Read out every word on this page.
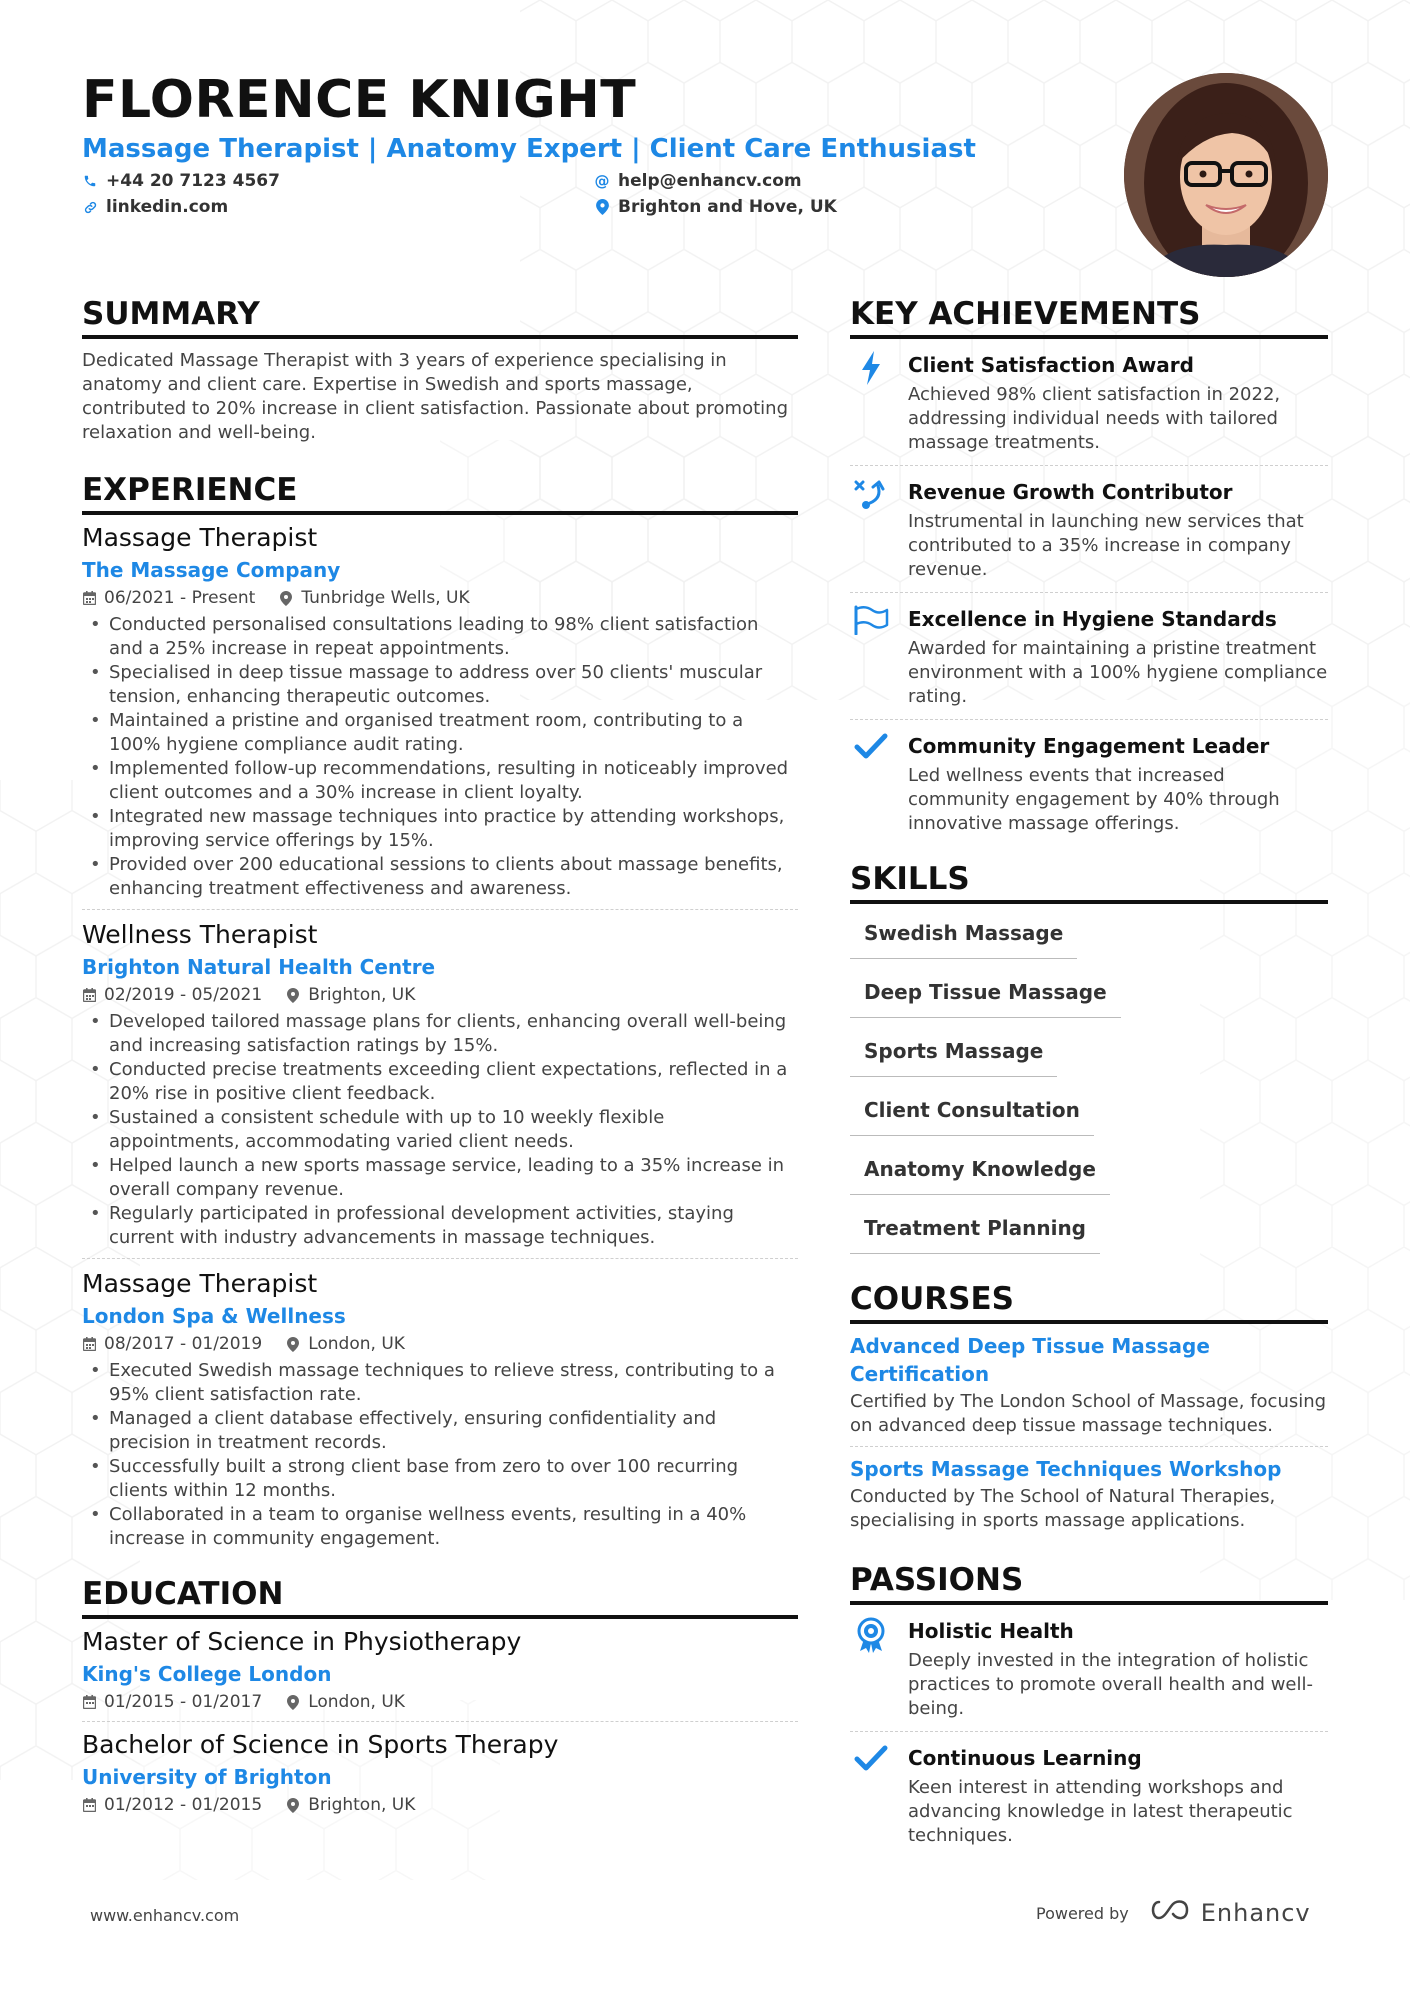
FLORENCE KNIGHT
Massage Therapist | Anatomy Expert | Client Care Enthusiast
+44 20 7123 4567	@ help@enhancv.com
linkedin.com	Brighton and Hove, UK
SUMMARY
Dedicated Massage Therapist with 3 years of experience specialising in anatomy and client care. Expertise in Swedish and sports massage, contributed to 20% increase in client satisfaction. Passionate about promoting relaxation and well-being.
EXPERIENCE
Massage Therapist
The Massage Company
06/2021 - Present	Tunbridge Wells, UK
• Conducted personalised consultations leading to 98% client satisfaction and a 25% increase in repeat appointments.
• Specialised in deep tissue massage to address over 50 clients' muscular tension, enhancing therapeutic outcomes.
• Maintained a pristine and organised treatment room, contributing to a 100% hygiene compliance audit rating.
• Implemented follow-up recommendations, resulting in noticeably improved client outcomes and a 30% increase in client loyalty.
• Integrated new massage techniques into practice by attending workshops, improving service offerings by 15%.
• Provided over 200 educational sessions to clients about massage benefits, enhancing treatment effectiveness and awareness.
Wellness Therapist
Brighton Natural Health Centre
02/2019 - 05/2021	Brighton, UK
• Developed tailored massage plans for clients, enhancing overall well-being and increasing satisfaction ratings by 15%.
• Conducted precise treatments exceeding client expectations, reflected in a 20% rise in positive client feedback.
• Sustained a consistent schedule with up to 10 weekly flexible appointments, accommodating varied client needs.
• Helped launch a new sports massage service, leading to a 35% increase in overall company revenue.
• Regularly participated in professional development activities, staying current with industry advancements in massage techniques.
Massage Therapist
London Spa & Wellness
08/2017 - 01/2019	London, UK
• Executed Swedish massage techniques to relieve stress, contributing to a 95% client satisfaction rate.
• Managed a client database effectively, ensuring confidentiality and precision in treatment records.
• Successfully built a strong client base from zero to over 100 recurring clients within 12 months.
• Collaborated in a team to organise wellness events, resulting in a 40% increase in community engagement.
EDUCATION
Master of Science in Physiotherapy
King's College London
01/2015 - 01/2017	London, UK
Bachelor of Science in Sports Therapy
University of Brighton
01/2012 - 01/2015	Brighton, UK
KEY ACHIEVEMENTS
Client Satisfaction Award
Achieved 98% client satisfaction in 2022, addressing individual needs with tailored massage treatments.
Revenue Growth Contributor
Instrumental in launching new services that contributed to a 35% increase in company revenue.
Excellence in Hygiene Standards
Awarded for maintaining a pristine treatment environment with a 100% hygiene compliance rating.
Community Engagement Leader
Led wellness events that increased community engagement by 40% through innovative massage offerings.
SKILLS
Swedish Massage
Deep Tissue Massage
Sports Massage
Client Consultation
Anatomy Knowledge
Treatment Planning
COURSES
Advanced Deep Tissue Massage Certification
Certified by The London School of Massage, focusing on advanced deep tissue massage techniques.
Sports Massage Techniques Workshop
Conducted by The School of Natural Therapies, specialising in sports massage applications.
PASSIONS
Holistic Health
Deeply invested in the integration of holistic practices to promote overall health and well-being.
Continuous Learning
Keen interest in attending workshops and advancing knowledge in latest therapeutic techniques.
www.enhancv.com	Powered by	Enhancv
